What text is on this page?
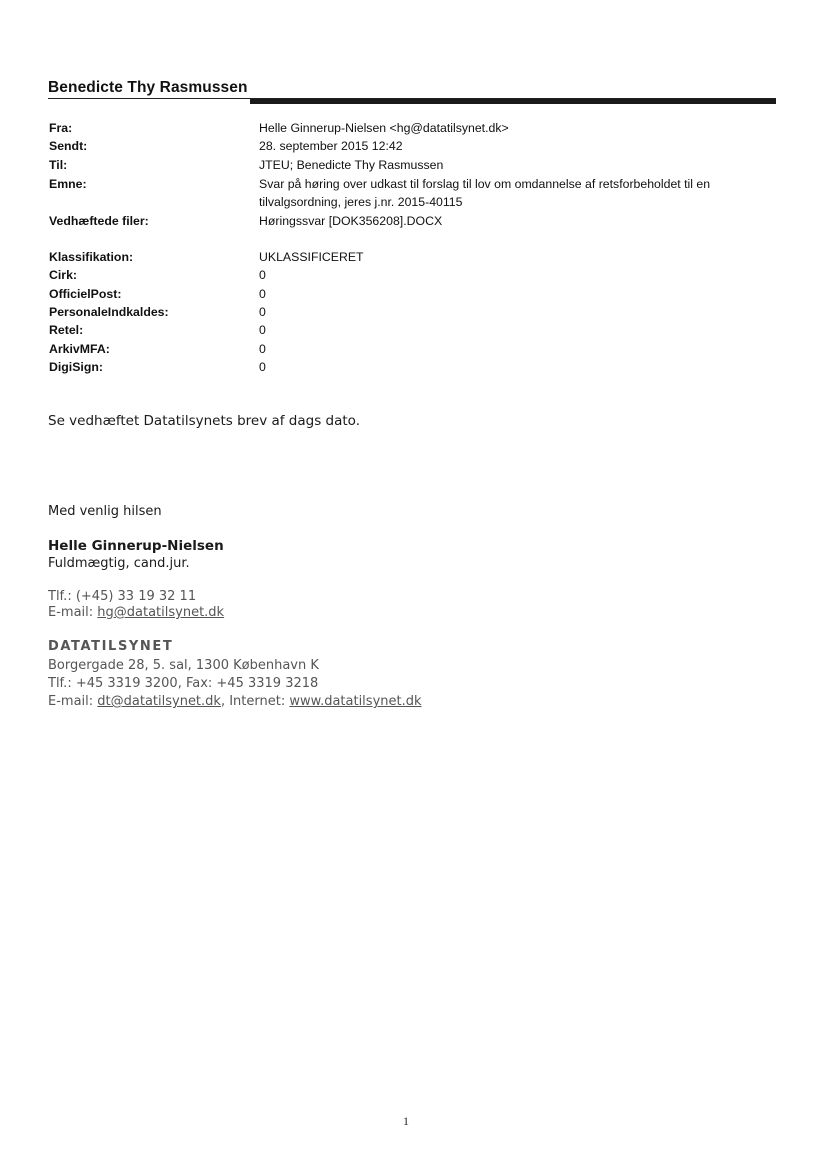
Benedicte Thy Rasmussen
Fra:	Helle Ginnerup-Nielsen <hg@datatilsynet.dk>
Sendt:	28. september 2015 12:42
Til:	JTEU; Benedicte Thy Rasmussen
Emne:	Svar på høring over udkast til forslag til lov om omdannelse af retsforbeholdet til en
tilvalgsordning, jeres j.nr. 2015-40115
Vedhæftede filer:	Høringssvar [DOK356208].DOCX
Klassifikation:	UKLASSIFICERET
Cirk:	0
OfficielPost:	0
PersonaleIndkaldes:	0
Retel:	0
ArkivMFA:	0
DigiSign:	0
Se vedhæftet Datatilsynets brev af dags dato.
Med venlig hilsen
Helle Ginnerup-Nielsen
Fuldmægtig, cand.jur.
Tlf.: (+45) 33 19 32 11
E-mail: hg@datatilsynet.dk
DATATILSYNET
Borgergade 28, 5. sal, 1300 København K
Tlf.: +45 3319 3200, Fax: +45 3319 3218
E-mail: dt@datatilsynet.dk, Internet: www.datatilsynet.dk
1
